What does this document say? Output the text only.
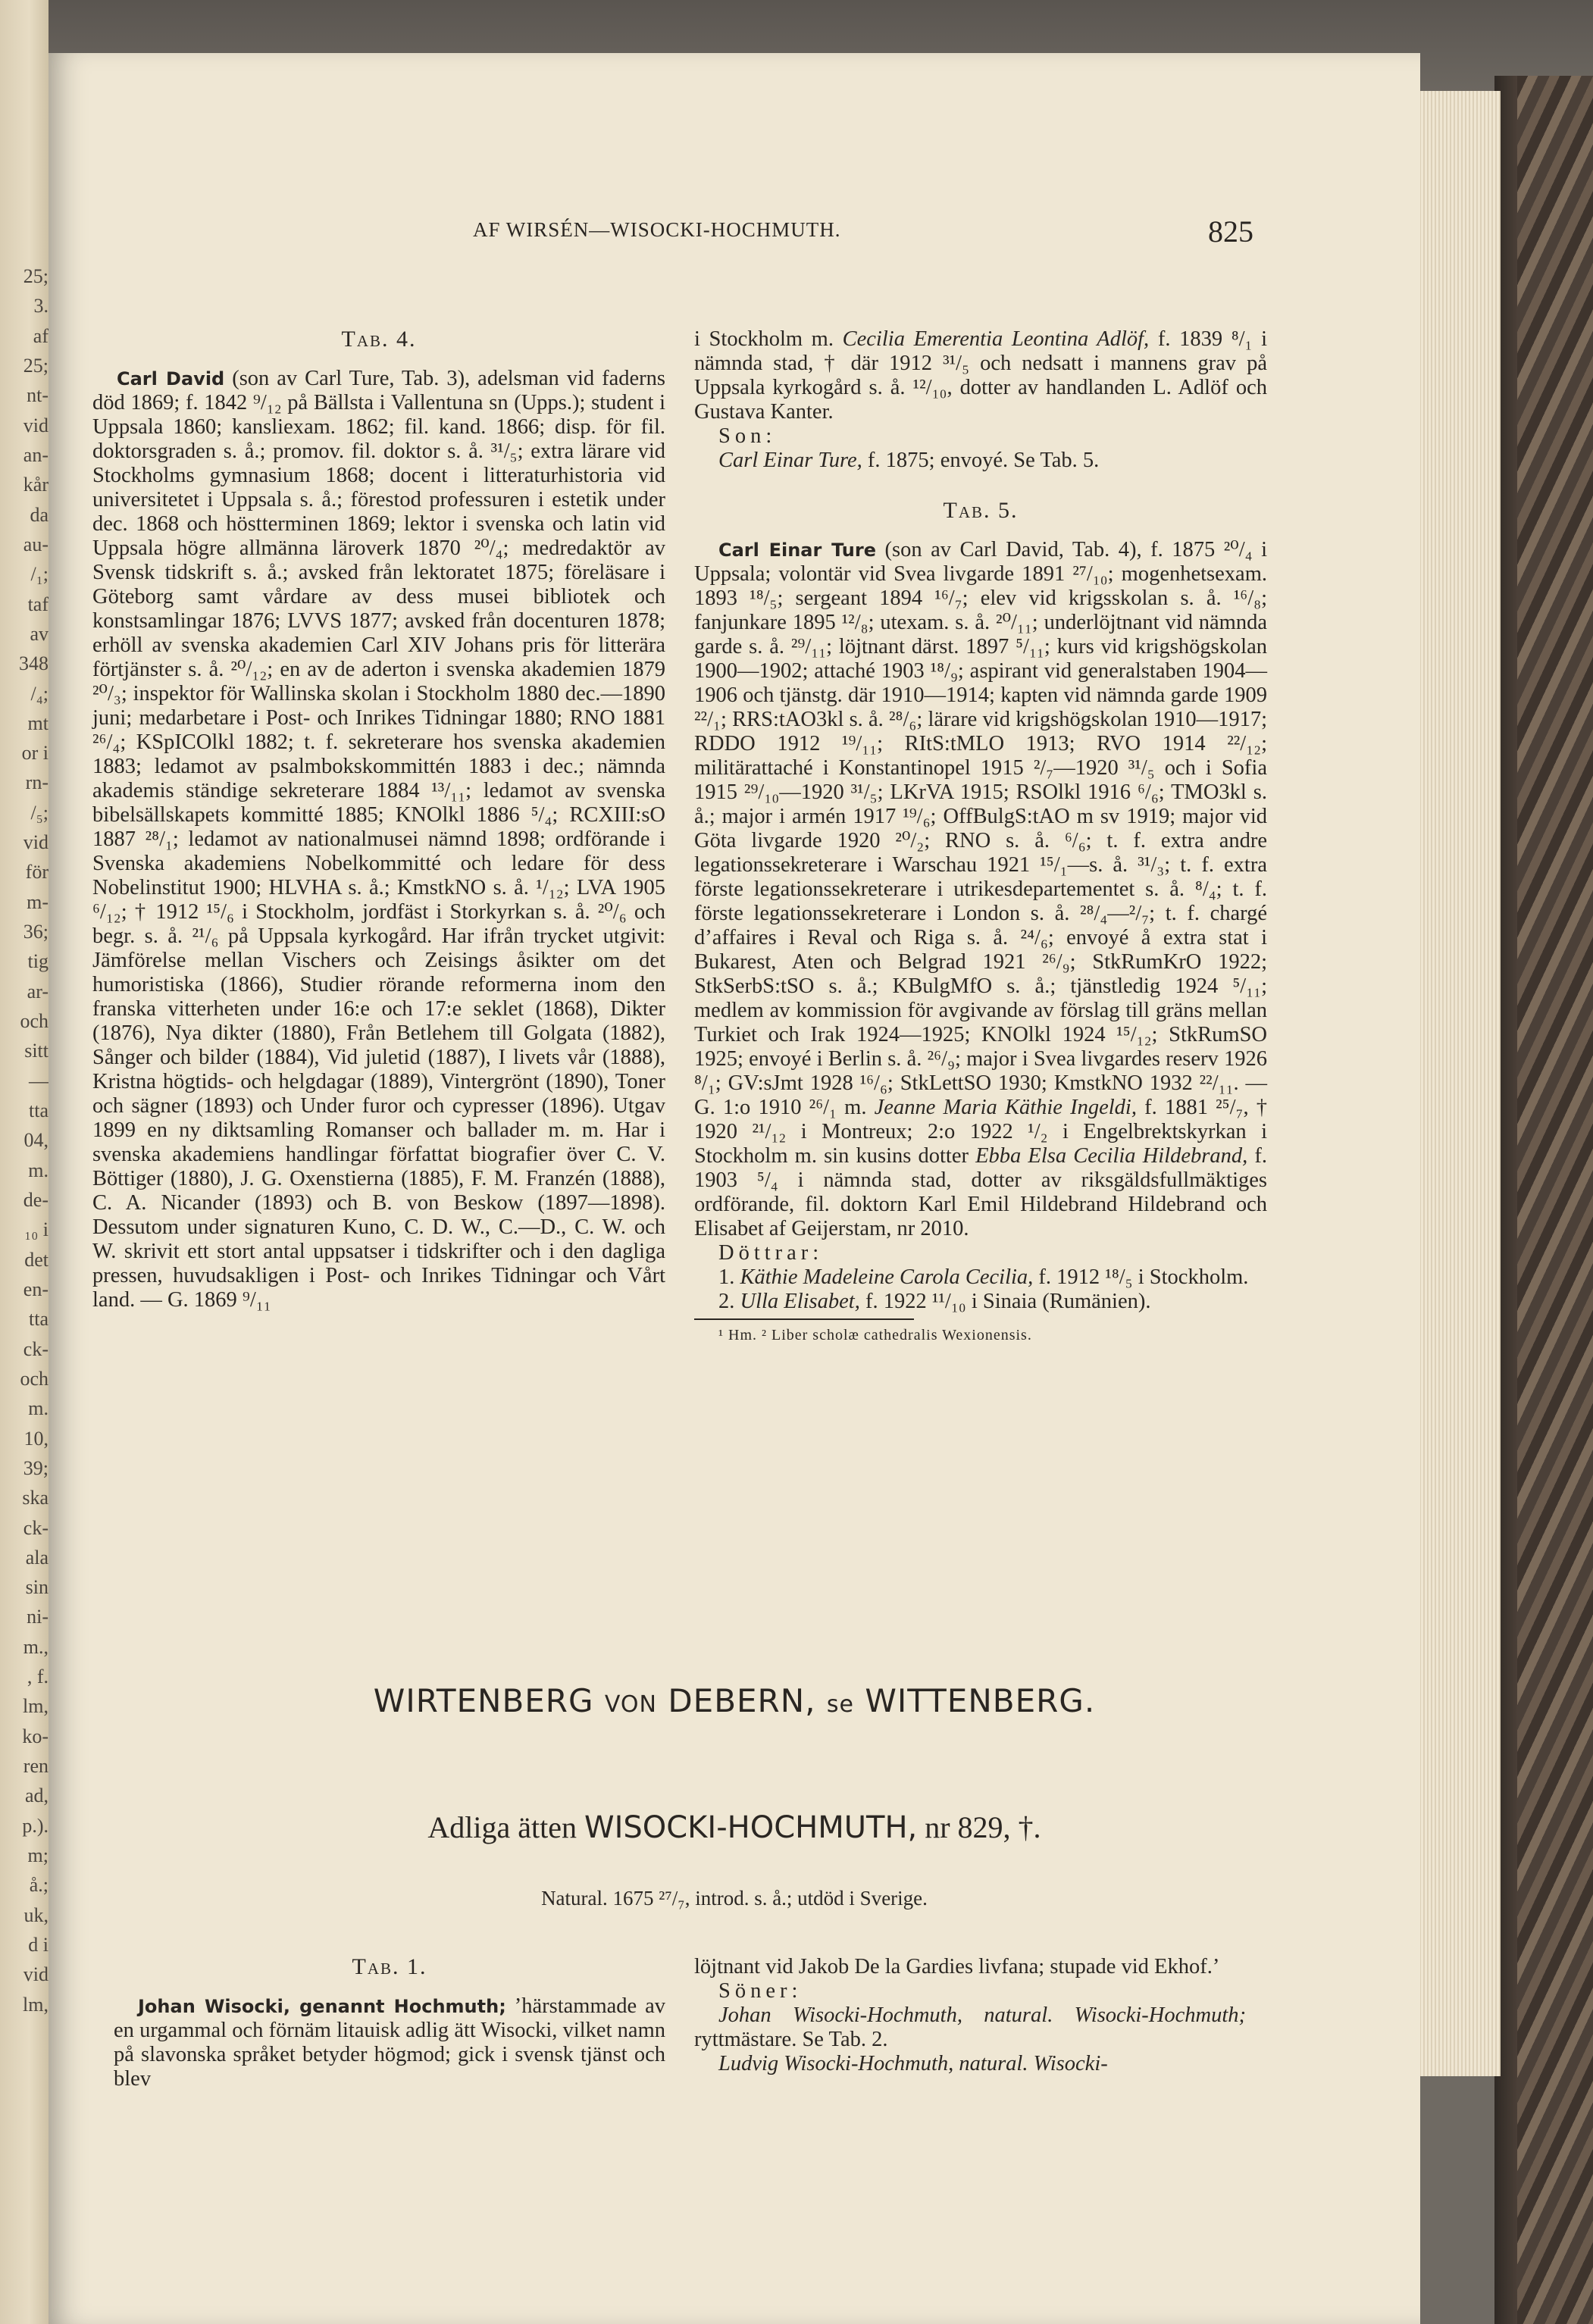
25;
3.
af
25;
nt-
vid
an-
kår
da
au-
/₁;
taf
av
348
/₄;
mt
or i
rn-
/₅;
vid
för
m-
36;
tig
ar-
och
sitt
—
tta
04,
m.
de-
₁₀ i
det
en-
tta
ck-
och
m.
10,
39;
ska
ck-
ala
sin
ni-
m.,
, f.
lm,
ko-
ren
ad,
p.).
m;
å.;
uk,
d i
vid
lm,
AF WIRSÉN—WISOCKI-HOCHMUTH.	825

Tab. 4.

Carl David (son av Carl Ture, Tab. 3), adelsman vid faderns död 1869; f. 1842 ⁹/₁₂ på Bällsta i Vallentuna sn (Upps.); student i Uppsala 1860; kansliexam. 1862; fil. kand. 1866; disp. för fil. doktorsgraden s. å.; promov. fil. doktor s. å. ³¹/₅; extra lärare vid Stockholms gymnasium 1868; docent i litteraturhistoria vid universitetet i Uppsala s. å.; förestod professuren i estetik under dec. 1868 och höstterminen 1869; lektor i svenska och latin vid Uppsala högre allmänna läroverk 1870 ²⁰/₄; medredaktör av Svensk tidskrift s. å.; avsked från lektoratet 1875; föreläsare i Göteborg samt vårdare av dess musei bibliotek och konstsamlingar 1876; LVVS 1877; avsked från docenturen 1878; erhöll av svenska akademien Carl XIV Johans pris för litterära förtjänster s. å. ²⁰/₁₂; en av de aderton i svenska akademien 1879 ²⁰/₃; inspektor för Wallinska skolan i Stockholm 1880 dec.—1890 juni; medarbetare i Post- och Inrikes Tidningar 1880; RNO 1881 ²⁶/₄; KSpICOlkl 1882; t. f. sekreterare hos svenska akademien 1883; ledamot av psalmbokskommittén 1883 i dec.; nämnda akademis ständige sekreterare 1884 ¹³/₁₁; ledamot av svenska bibelsällskapets kommitté 1885; KNOlkl 1886 ⁵/₄; RCXIII:sO 1887 ²⁸/₁; ledamot av nationalmusei nämnd 1898; ordförande i Svenska akademiens Nobelkommitté och ledare för dess Nobelinstitut 1900; HLVHA s. å.; KmstkNO s. å. ¹/₁₂; LVA 1905 ⁶/₁₂; † 1912 ¹⁵/₆ i Stockholm, jordfäst i Storkyrkan s. å. ²⁰/₆ och begr. s. å. ²¹/₆ på Uppsala kyrkogård. Har ifrån trycket utgivit: Jämförelse mellan Vischers och Zeisings åsikter om det humoristiska (1866), Studier rörande reformerna inom den franska vitterheten under 16:e och 17:e seklet (1868), Dikter (1876), Nya dikter (1880), Från Betlehem till Golgata (1882), Sånger och bilder (1884), Vid juletid (1887), I livets vår (1888), Kristna högtids- och helgdagar (1889), Vintergrönt (1890), Toner och sägner (1893) och Under furor och cypresser (1896). Utgav 1899 en ny diktsamling Romanser och ballader m. m. Har i svenska akademiens handlingar författat biografier över C. V. Böttiger (1880), J. G. Oxenstierna (1885), F. M. Franzén (1888), C. A. Nicander (1893) och B. von Beskow (1897—1898). Dessutom under signaturen Kuno, C. D. W., C.—D., C. W. och W. skrivit ett stort antal uppsatser i tidskrifter och i den dagliga pressen, huvudsakligen i Post- och Inrikes Tidningar och Vårt land. — G. 1869 ⁹/₁₁

i Stockholm m. Cecilia Emerentia Leontina Adlöf, f. 1839 ⁸/₁ i nämnda stad, † där 1912 ³¹/₅ och nedsatt i mannens grav på Uppsala kyrkogård s. å. ¹²/₁₀, dotter av handlanden L. Adlöf och Gustava Kanter.

Son:

Carl Einar Ture, f. 1875; envoyé. Se Tab. 5.

Tab. 5.

Carl Einar Ture (son av Carl David, Tab. 4), f. 1875 ²⁰/₄ i Uppsala; volontär vid Svea livgarde 1891 ²⁷/₁₀; mogenhetsexam. 1893 ¹⁸/₅; sergeant 1894 ¹⁶/₇; elev vid krigsskolan s. å. ¹⁶/₈; fanjunkare 1895 ¹²/₈; utexam. s. å. ²⁰/₁₁; underlöjtnant vid nämnda garde s. å. ²⁹/₁₁; löjtnant därst. 1897 ⁵/₁₁; kurs vid krigshögskolan 1900—1902; attaché 1903 ¹⁸/₉; aspirant vid generalstaben 1904—1906 och tjänstg. där 1910—1914; kapten vid nämnda garde 1909 ²²/₁; RRS:tAO3kl s. å. ²⁸/₆; lärare vid krigshögskolan 1910—1917; RDDO 1912 ¹⁹/₁₁; RItS:tMLO 1913; RVO 1914 ²²/₁₂; militärattaché i Konstantinopel 1915 ²/₇—1920 ³¹/₅ och i Sofia 1915 ²⁹/₁₀—1920 ³¹/₅; LKrVA 1915; RSOlkl 1916 ⁶/₆; TMO3kl s. å.; major i armén 1917 ¹⁹/₆; OffBulgS:tAO m sv 1919; major vid Göta livgarde 1920 ²⁰/₂; RNO s. å. ⁶/₆; t. f. extra andre legationssekreterare i Warschau 1921 ¹⁵/₁—s. å. ³¹/₃; t. f. extra förste legationssekreterare i utrikesdepartementet s. å. ⁸/₄; t. f. förste legationssekreterare i London s. å. ²⁸/₄—²/₇; t. f. chargé d’affaires i Reval och Riga s. å. ²⁴/₆; envoyé å extra stat i Bukarest, Aten och Belgrad 1921 ²⁶/₉; StkRumKrO 1922; StkSerbS:tSO s. å.; KBulgMfO s. å.; tjänstledig 1924 ⁵/₁₁; medlem av kommission för avgivande av förslag till gräns mellan Turkiet och Irak 1924—1925; KNOlkl 1924 ¹⁵/₁₂; StkRumSO 1925; envoyé i Berlin s. å. ²⁶/₉; major i Svea livgardes reserv 1926 ⁸/₁; GV:sJmt 1928 ¹⁶/₆; StkLettSO 1930; KmstkNO 1932 ²²/₁₁. — G. 1:o 1910 ²⁶/₁ m. Jeanne Maria Käthie Ingeldi, f. 1881 ²⁵/₇, † 1920 ²¹/₁₂ i Montreux; 2:o 1922 ¹/₂ i Engelbrektskyrkan i Stockholm m. sin kusins dotter Ebba Elsa Cecilia Hildebrand, f. 1903 ⁵/₄ i nämnda stad, dotter av riksgäldsfullmäktiges ordförande, fil. doktorn Karl Emil Hildebrand Hildebrand och Elisabet af Geijerstam, nr 2010.

Döttrar:

1. Käthie Madeleine Carola Cecilia, f. 1912 ¹⁸/₅ i Stockholm.

2. Ulla Elisabet, f. 1922 ¹¹/₁₀ i Sinaia (Rumänien).

¹ Hm. ² Liber scholæ cathedralis Wexionensis.

WIRTENBERG VON DEBERN, se WITTENBERG.
Adliga ätten WISOCKI-HOCHMUTH, nr 829, †.
Natural. 1675 ²⁷/₇, introd. s. å.; utdöd i Sverige.

Tab. 1.

Johan Wisocki, genannt Hochmuth; ’härstammade av en urgammal och förnäm litauisk adlig ätt Wisocki, vilket namn på slavonska språket betyder högmod; gick i svensk tjänst och blev

löjtnant vid Jakob De la Gardies livfana; stupade vid Ekhof.’

Söner:

Johan Wisocki-Hochmuth, natural. Wisocki-Hochmuth; ryttmästare. Se Tab. 2.

Ludvig Wisocki-Hochmuth, natural. Wisocki-
